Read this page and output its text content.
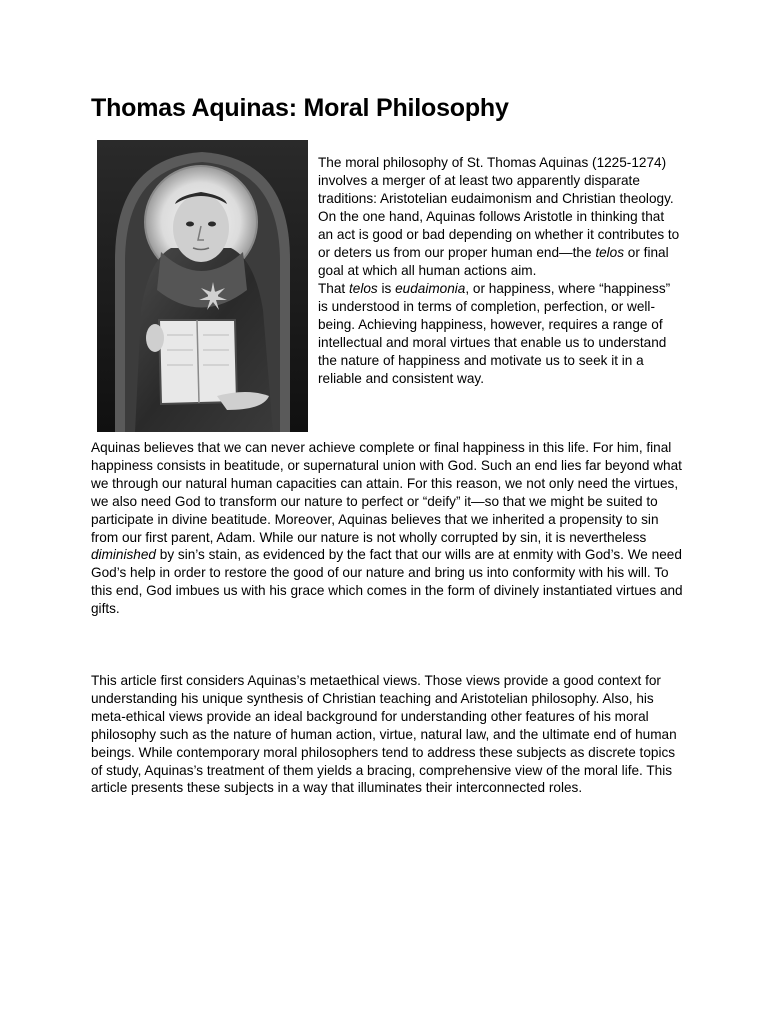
Thomas Aquinas: Moral Philosophy

The moral philosophy of St. Thomas Aquinas (1225-1274) involves a merger of at least two apparently disparate traditions: Aristotelian eudaimonism and Christian theology. On the one hand, Aquinas follows Aristotle in thinking that an act is good or bad depending on whether it contributes to or deters us from our proper human end—the telos or final goal at which all human actions aim.

That telos is eudaimonia, or happiness, where “happiness” is understood in terms of completion, perfection, or well-being. Achieving happiness, however, requires a range of intellectual and moral virtues that enable us to understand the nature of happiness and motivate us to seek it in a reliable and consistent way.

Aquinas believes that we can never achieve complete or final happiness in this life. For him, final happiness consists in beatitude, or supernatural union with God. Such an end lies far beyond what we through our natural human capacities can attain. For this reason, we not only need the virtues, we also need God to transform our nature to perfect or “deify” it—so that we might be suited to participate in divine beatitude. Moreover, Aquinas believes that we inherited a propensity to sin from our first parent, Adam. While our nature is not wholly corrupted by sin, it is nevertheless diminished by sin’s stain, as evidenced by the fact that our wills are at enmity with God’s. We need God’s help in order to restore the good of our nature and bring us into conformity with his will. To this end, God imbues us with his grace which comes in the form of divinely instantiated virtues and gifts.

This article first considers Aquinas’s metaethical views. Those views provide a good context for understanding his unique synthesis of Christian teaching and Aristotelian philosophy. Also, his meta-ethical views provide an ideal background for understanding other features of his moral philosophy such as the nature of human action, virtue, natural law, and the ultimate end of human beings. While contemporary moral philosophers tend to address these subjects as discrete topics of study, Aquinas’s treatment of them yields a bracing, comprehensive view of the moral life. This article presents these subjects in a way that illuminates their interconnected roles.
